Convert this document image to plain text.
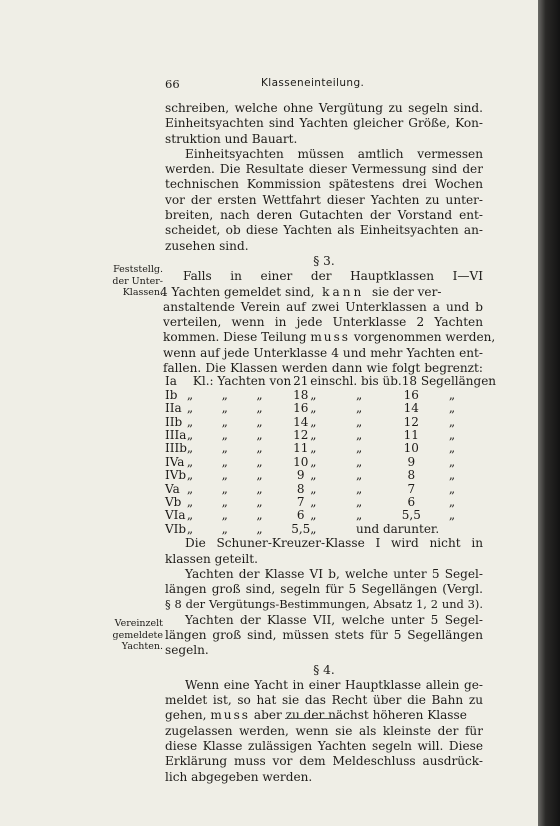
66	Klasseneinteilung.
Feststellg.
der Unter-
Klassen.
Vereinzelt
gemeldete
Yachten.
schreiben, welche ohne Vergütung zu segeln sind.
Einheitsyachten sind Yachten gleicher Größe, Kon-
struktion und Bauart.
Einheitsyachten müssen amtlich vermessen
werden. Die Resultate dieser Vermessung sind der
technischen Kommission spätestens drei Wochen
vor der ersten Wettfahrt dieser Yachten zu unter-
breiten, nach deren Gutachten der Vorstand ent-
scheidet, ob diese Yachten als Einheitsyachten an-
zusehen sind.
§ 3.
Falls in einer der Hauptklassen I—VI
4 Yachten gemeldet sind, kann sie der ver-
anstaltende Verein auf zwei Unterklassen a und b
verteilen, wenn in jede Unterklasse 2 Yachten
kommen. Diese Teilung muss vorgenommen werden,
wenn auf jede Unterklasse 4 und mehr Yachten ent-
fallen. Die Klassen werden dann wie folgt begrenzt:
Ia	Kl.: Yachten von			21	einschl. bis üb.		18	Segellängen
Ib	„	„	„	18	„	„	16	„
IIa	„	„	„	16	„	„	14	„
IIb	„	„	„	14	„	„	12	„
IIIa	„	„	„	12	„	„	11	„
IIIb	„	„	„	11	„	„	10	„
IVa	„	„	„	10	„	„	9	„
IVb	„	„	„	9	„	„	8	„
Va	„	„	„	8	„	„	7	„
Vb	„	„	„	7	„	„	6	„
VIa	„	„	„	6	„	„	5,5	„
VIb	„	„	„	5,5	„	und darunter.		
Die Schuner-Kreuzer-Klasse I wird nicht in
klassen geteilt.
Yachten der Klasse VI b, welche unter 5 Segel-
längen groß sind, segeln für 5 Segellängen (Vergl.
§ 8 der Vergütungs-Bestimmungen, Absatz 1, 2 und 3).
Yachten der Klasse VII, welche unter 5 Segel-
längen groß sind, müssen stets für 5 Segellängen
segeln.
§ 4.
Wenn eine Yacht in einer Hauptklasse allein ge-
meldet ist, so hat sie das Recht über die Bahn zu
gehen, muss aber zu der nächst höheren Klasse
zugelassen werden, wenn sie als kleinste der für
diese Klasse zulässigen Yachten segeln will. Diese
Erklärung muss vor dem Meldeschluss ausdrück-
lich abgegeben werden.
